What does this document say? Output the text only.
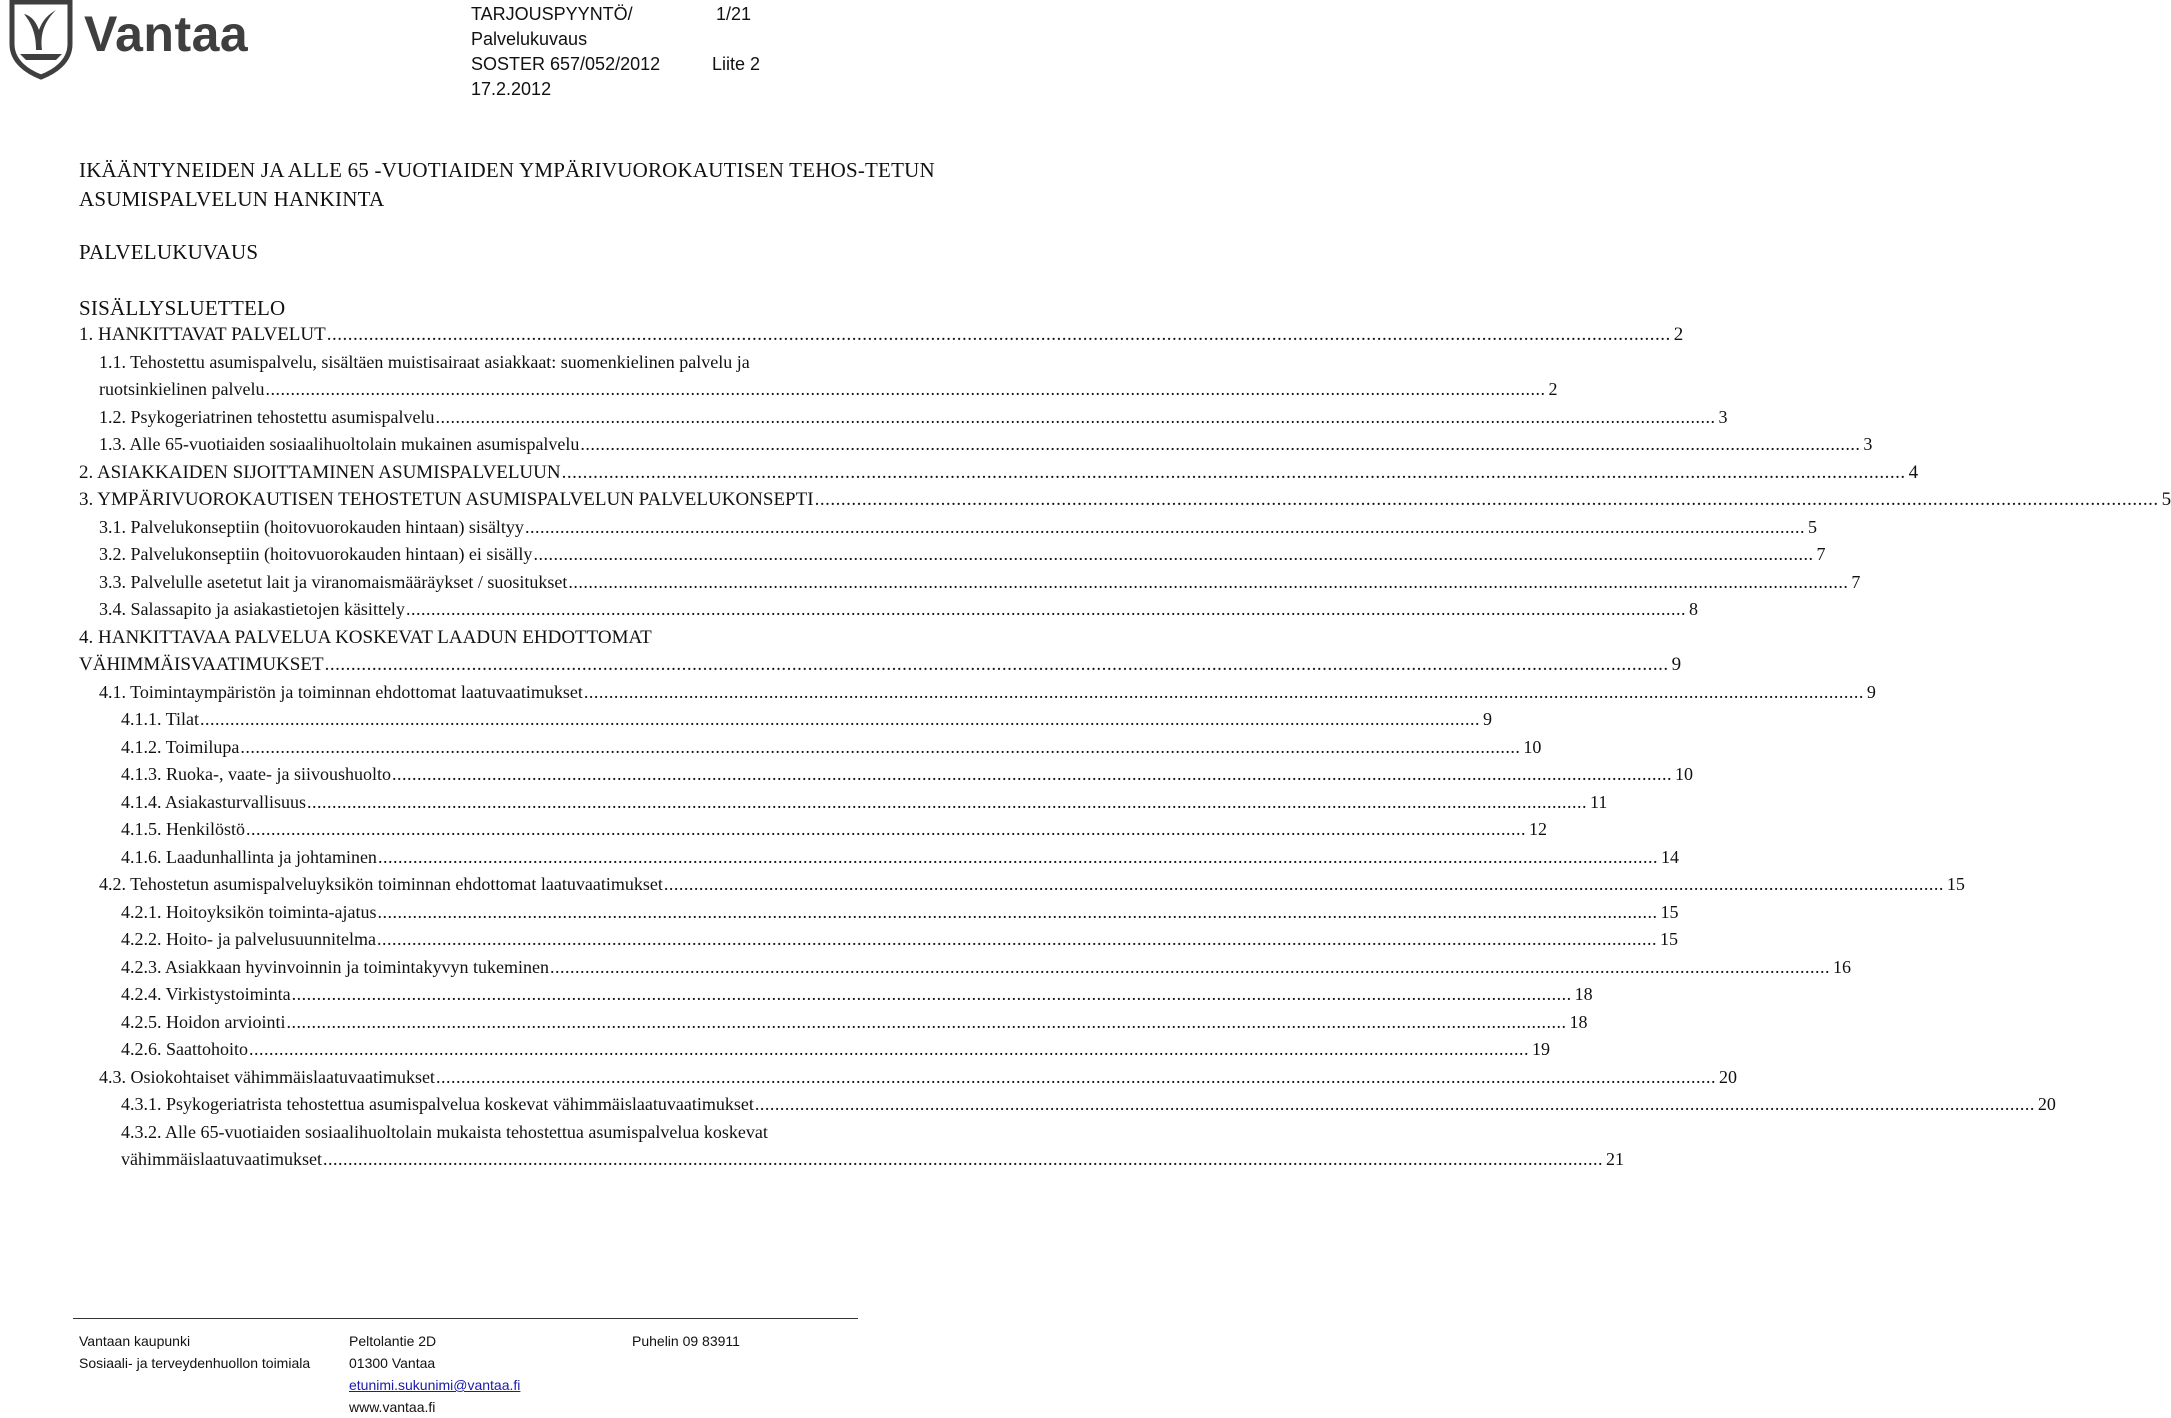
Vantaa	TARJOUSPYYNTÖ/
Palvelukuvaus
SOSTER 657/052/2012
17.2.2012
1/21

Liite 2
IKÄÄNTYNEIDEN JA ALLE 65 -VUOTIAIDEN YMPÄRIVUOROKAUTISEN TEHOS-TETUN ASUMISPALVELUN HANKINTA
PALVELUKUVAUS
SISÄLLYSLUETTELO
1. HANKITTAVAT PALVELUT .....	2
1.1. Tehostettu asumispalvelu, sisältäen muistisairaat asiakkaat: suomenkielinen palvelu ja
ruotsinkielinen palvelu .....	2
1.2. Psykogeriatrinen tehostettu asumispalvelu .....	3
1.3. Alle 65-vuotiaiden sosiaalihuoltolain mukainen asumispalvelu .....	3
2. ASIAKKAIDEN SIJOITTAMINEN ASUMISPALVELUUN .....	4
3. YMPÄRIVUOROKAUTISEN TEHOSTETUN ASUMISPALVELUN PALVELUKONSEPTI .....	5
3.1. Palvelukonseptiin (hoitovuorokauden hintaan) sisältyy .....	5
3.2. Palvelukonseptiin (hoitovuorokauden hintaan) ei sisälly .....	7
3.3. Palvelulle asetetut lait ja viranomaismääräykset / suositukset .....	7
3.4. Salassapito ja asiakastietojen käsittely .....	8
4. HANKITTAVAA PALVELUA KOSKEVAT LAADUN EHDOTTOMAT
VÄHIMMÄISVAATIMUKSET .....	9
4.1. Toimintaympäristön ja toiminnan ehdottomat laatuvaatimukset .....	9
4.1.1. Tilat .....	9
4.1.2. Toimilupa .....	10
4.1.3. Ruoka-, vaate- ja siivoushuolto .....	10
4.1.4. Asiakasturvallisuus .....	11
4.1.5. Henkilöstö .....	12
4.1.6. Laadunhallinta ja johtaminen .....	14
4.2. Tehostetun asumispalveluyksikön toiminnan ehdottomat laatuvaatimukset .....	15
4.2.1. Hoitoyksikön toiminta-ajatus .....	15
4.2.2. Hoito- ja palvelusuunnitelma .....	15
4.2.3. Asiakkaan hyvinvoinnin ja toimintakyvyn tukeminen .....	16
4.2.4. Virkistystoiminta .....	18
4.2.5. Hoidon arviointi .....	18
4.2.6. Saattohoito .....	19
4.3. Osiokohtaiset vähimmäislaatuvaatimukset .....	20
4.3.1. Psykogeriatrista tehostettua asumispalvelua koskevat vähimmäislaatuvaatimukset .....	20
4.3.2. Alle 65-vuotiaiden sosiaalihuoltolain mukaista tehostettua asumispalvelua koskevat
vähimmäislaatuvaatimukset .....	21
Vantaan kaupunki
Sosiaali- ja terveydenhuollon toimiala
Peltolantie 2D
01300 Vantaa
etunimi.sukunimi@vantaa.fi
www.vantaa.fi
Puhelin 09 83911
